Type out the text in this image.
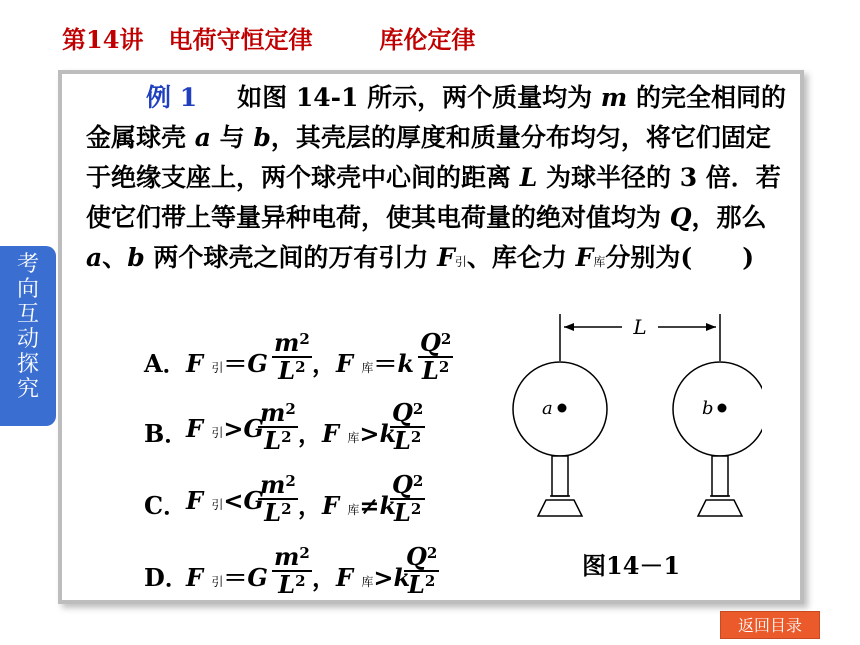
第14讲 电荷守恒定律	库伦定律
考
向
互
动
探
究
例 1 如图 14-1 所示，两个质量均为 m 的完全相同的金属球壳 a 与 b，其壳层的厚度和质量分布均匀，将它们固定于绝缘支座上，两个球壳中心间的距离 L 为球半径的 3 倍．若使它们带上等量异种电荷，使其电荷量的绝对值均为 Q，那么 a、b 两个球壳之间的万有引力 F引、库仑力 F库分别为(　　)
A． F 引$=G \frac{m^2}{L^2}$ ，F 库$=k \frac{Q^2}{L^2}$
B．
F 引>G
$\frac{m^2}{L^2}$ ，F 库>k
$\frac{Q^2}{L^2}$
C．
F 引<G
$\frac{m^2}{L^2}$ ，F 库≠k
$\frac{Q^2}{L^2}$
D．
F 引$=G \frac{m^2}{L^2}$ ，F 库>k
$\frac{Q^2}{L^2}$
L
a	b
图14－1
返回目录
